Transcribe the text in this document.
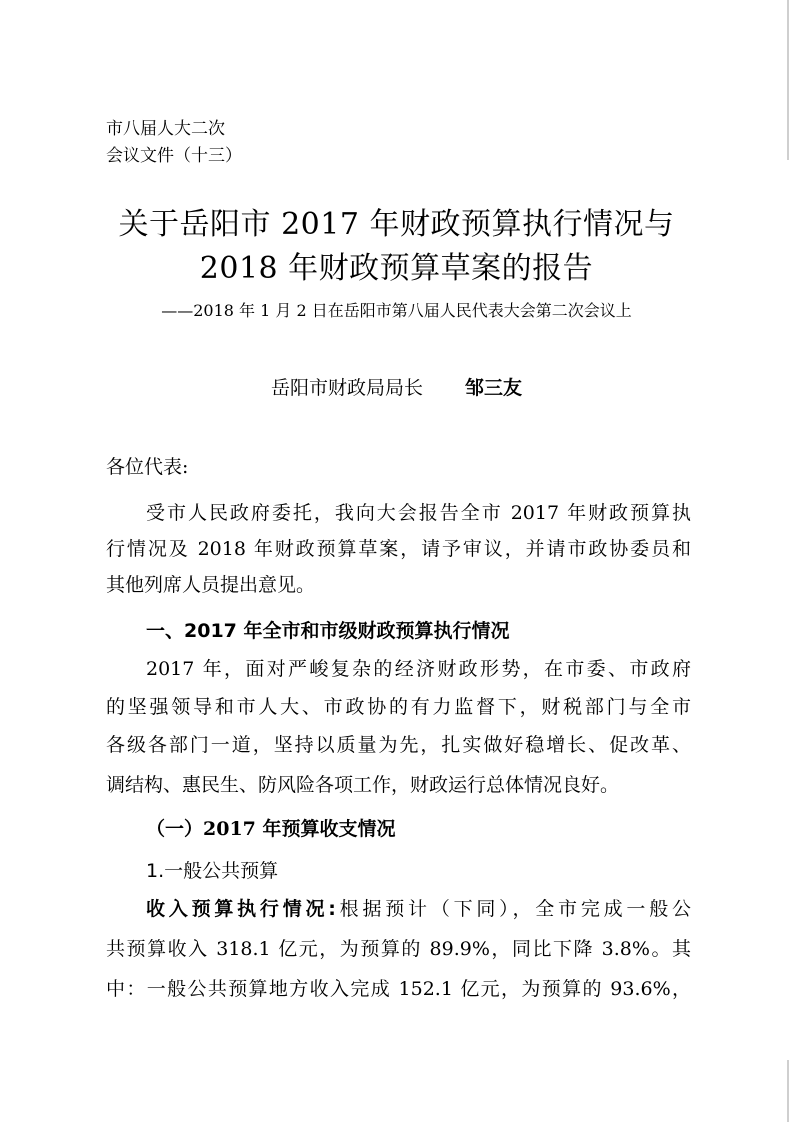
市八届人大二次
会议文件（十三）
关于岳阳市 2017 年财政预算执行情况与
2018 年财政预算草案的报告
——2018 年 1 月 2 日在岳阳市第八届人民代表大会第二次会议上
岳阳市财政局局长 邹三友
各位代表:
受市人民政府委托，我向大会报告全市 2017 年财政预算执
行情况及 2018 年财政预算草案，请予审议，并请市政协委员和
其他列席人员提出意见。
一、2017 年全市和市级财政预算执行情况
2017 年，面对严峻复杂的经济财政形势，在市委、市政府
的坚强领导和市人大、市政协的有力监督下，财税部门与全市
各级各部门一道，坚持以质量为先，扎实做好稳增长、促改革、
调结构、惠民生、防风险各项工作，财政运行总体情况良好。
（一）2017 年预算收支情况
1.一般公共预算
收入预算执行情况:根据预计（下同），全市完成一般公
共预算收入 318.1 亿元，为预算的 89.9%，同比下降 3.8%。其
中：一般公共预算地方收入完成 152.1 亿元，为预算的 93.6%，
